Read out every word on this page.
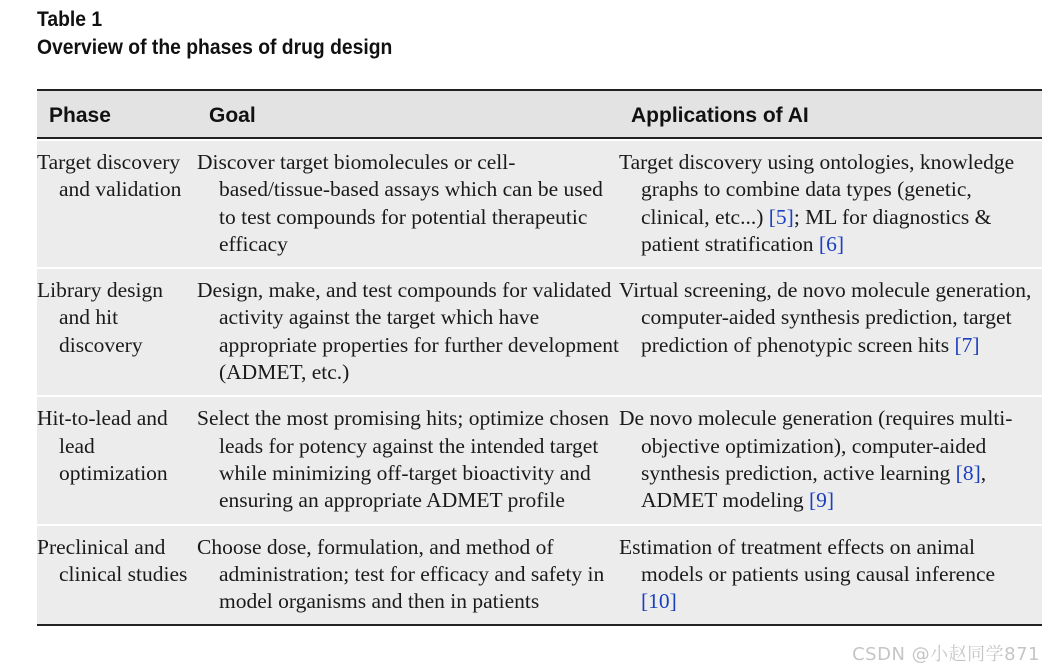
Table 1
Overview of the phases of drug design
Phase	Goal	Applications of AI
Target discovery and validation
Discover target biomolecules or cell-based/tissue-based assays which can be used to test compounds for potential therapeutic efficacy
Target discovery using ontologies, knowledge graphs to combine data types (genetic, clinical, etc...) [5]; ML for diagnostics & patient stratification [6]
Library design and hit discovery
Design, make, and test compounds for validated activity against the target which have appropriate properties for further development (ADMET, etc.)
Virtual screening, de novo molecule generation, computer-aided synthesis prediction, target prediction of phenotypic screen hits [7]
Hit-to-lead and lead optimization
Select the most promising hits; optimize chosen leads for potency against the intended target while minimizing off-target bioactivity and ensuring an appropriate ADMET profile
De novo molecule generation (requires multi-objective optimization), computer-aided synthesis prediction, active learning [8], ADMET modeling [9]
Preclinical and clinical studies
Choose dose, formulation, and method of administration; test for efficacy and safety in model organisms and then in patients
Estimation of treatment effects on animal models or patients using causal inference [10]
CSDN @小赵同学871
